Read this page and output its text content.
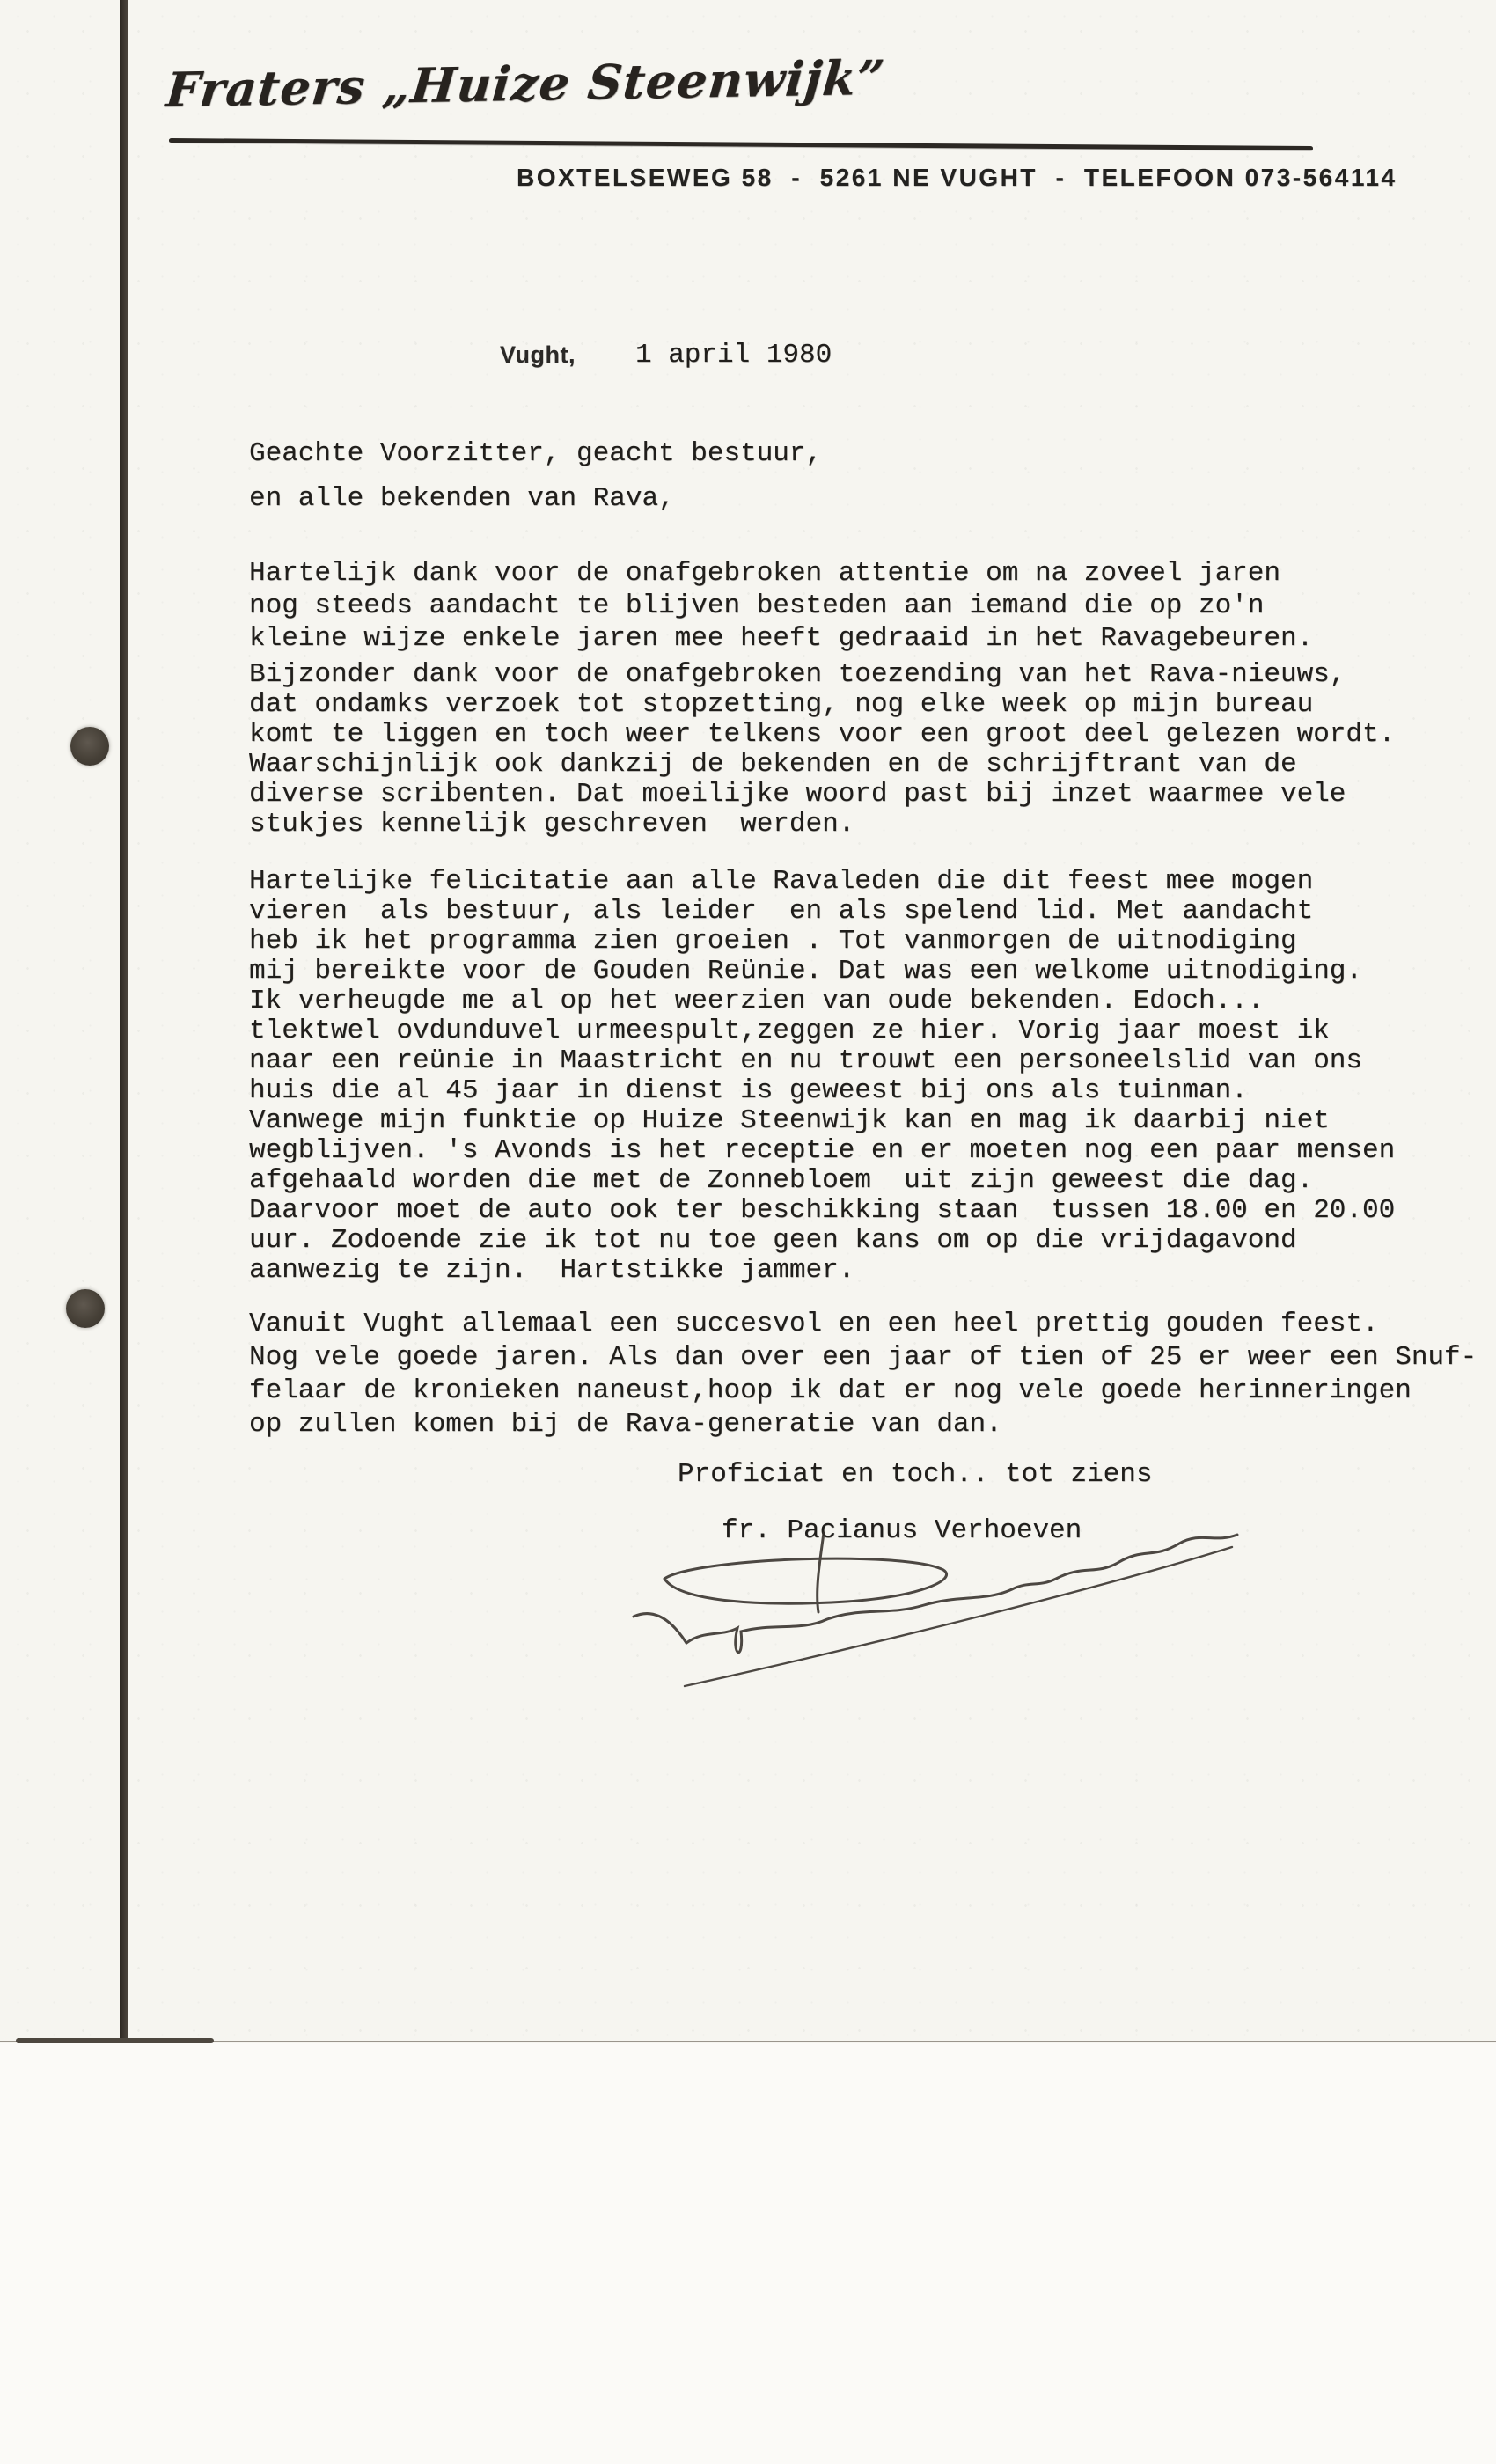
Fraters „Huize Steenwijk”
BOXTELSEWEG 58  -  5261 NE VUGHT  -  TELEFOON 073-564114
Vught, 1 april 1980
Geachte Voorzitter, geacht bestuur,
en alle bekenden van Rava,
Hartelijk dank voor de onafgebroken attentie om na zoveel jaren
nog steeds aandacht te blijven besteden aan iemand die op zo'n
kleine wijze enkele jaren mee heeft gedraaid in het Ravagebeuren.
Bijzonder dank voor de onafgebroken toezending van het Rava-nieuws,
dat ondamks verzoek tot stopzetting, nog elke week op mijn bureau
komt te liggen en toch weer telkens voor een groot deel gelezen wordt.
Waarschijnlijk ook dankzij de bekenden en de schrijftrant van de
diverse scribenten. Dat moeilijke woord past bij inzet waarmee vele
stukjes kennelijk geschreven  werden.
Hartelijke felicitatie aan alle Ravaleden die dit feest mee mogen
vieren  als bestuur, als leider  en als spelend lid. Met aandacht
heb ik het programma zien groeien . Tot vanmorgen de uitnodiging
mij bereikte voor de Gouden Reünie. Dat was een welkome uitnodiging.
Ik verheugde me al op het weerzien van oude bekenden. Edoch...
tlektwel ovdunduvel urmeespult,zeggen ze hier. Vorig jaar moest ik
naar een reünie in Maastricht en nu trouwt een personeelslid van ons
huis die al 45 jaar in dienst is geweest bij ons als tuinman.
Vanwege mijn funktie op Huize Steenwijk kan en mag ik daarbij niet
wegblijven. 's Avonds is het receptie en er moeten nog een paar mensen
afgehaald worden die met de Zonnebloem  uit zijn geweest die dag.
Daarvoor moet de auto ook ter beschikking staan  tussen 18.00 en 20.00
uur. Zodoende zie ik tot nu toe geen kans om op die vrijdagavond
aanwezig te zijn.  Hartstikke jammer.
Vanuit Vught allemaal een succesvol en een heel prettig gouden feest.
Nog vele goede jaren. Als dan over een jaar of tien of 25 er weer een Snuf-
felaar de kronieken naneust,hoop ik dat er nog vele goede herinneringen
op zullen komen bij de Rava-generatie van dan.
Proficiat en toch.. tot ziens
fr. Pacianus Verhoeven
